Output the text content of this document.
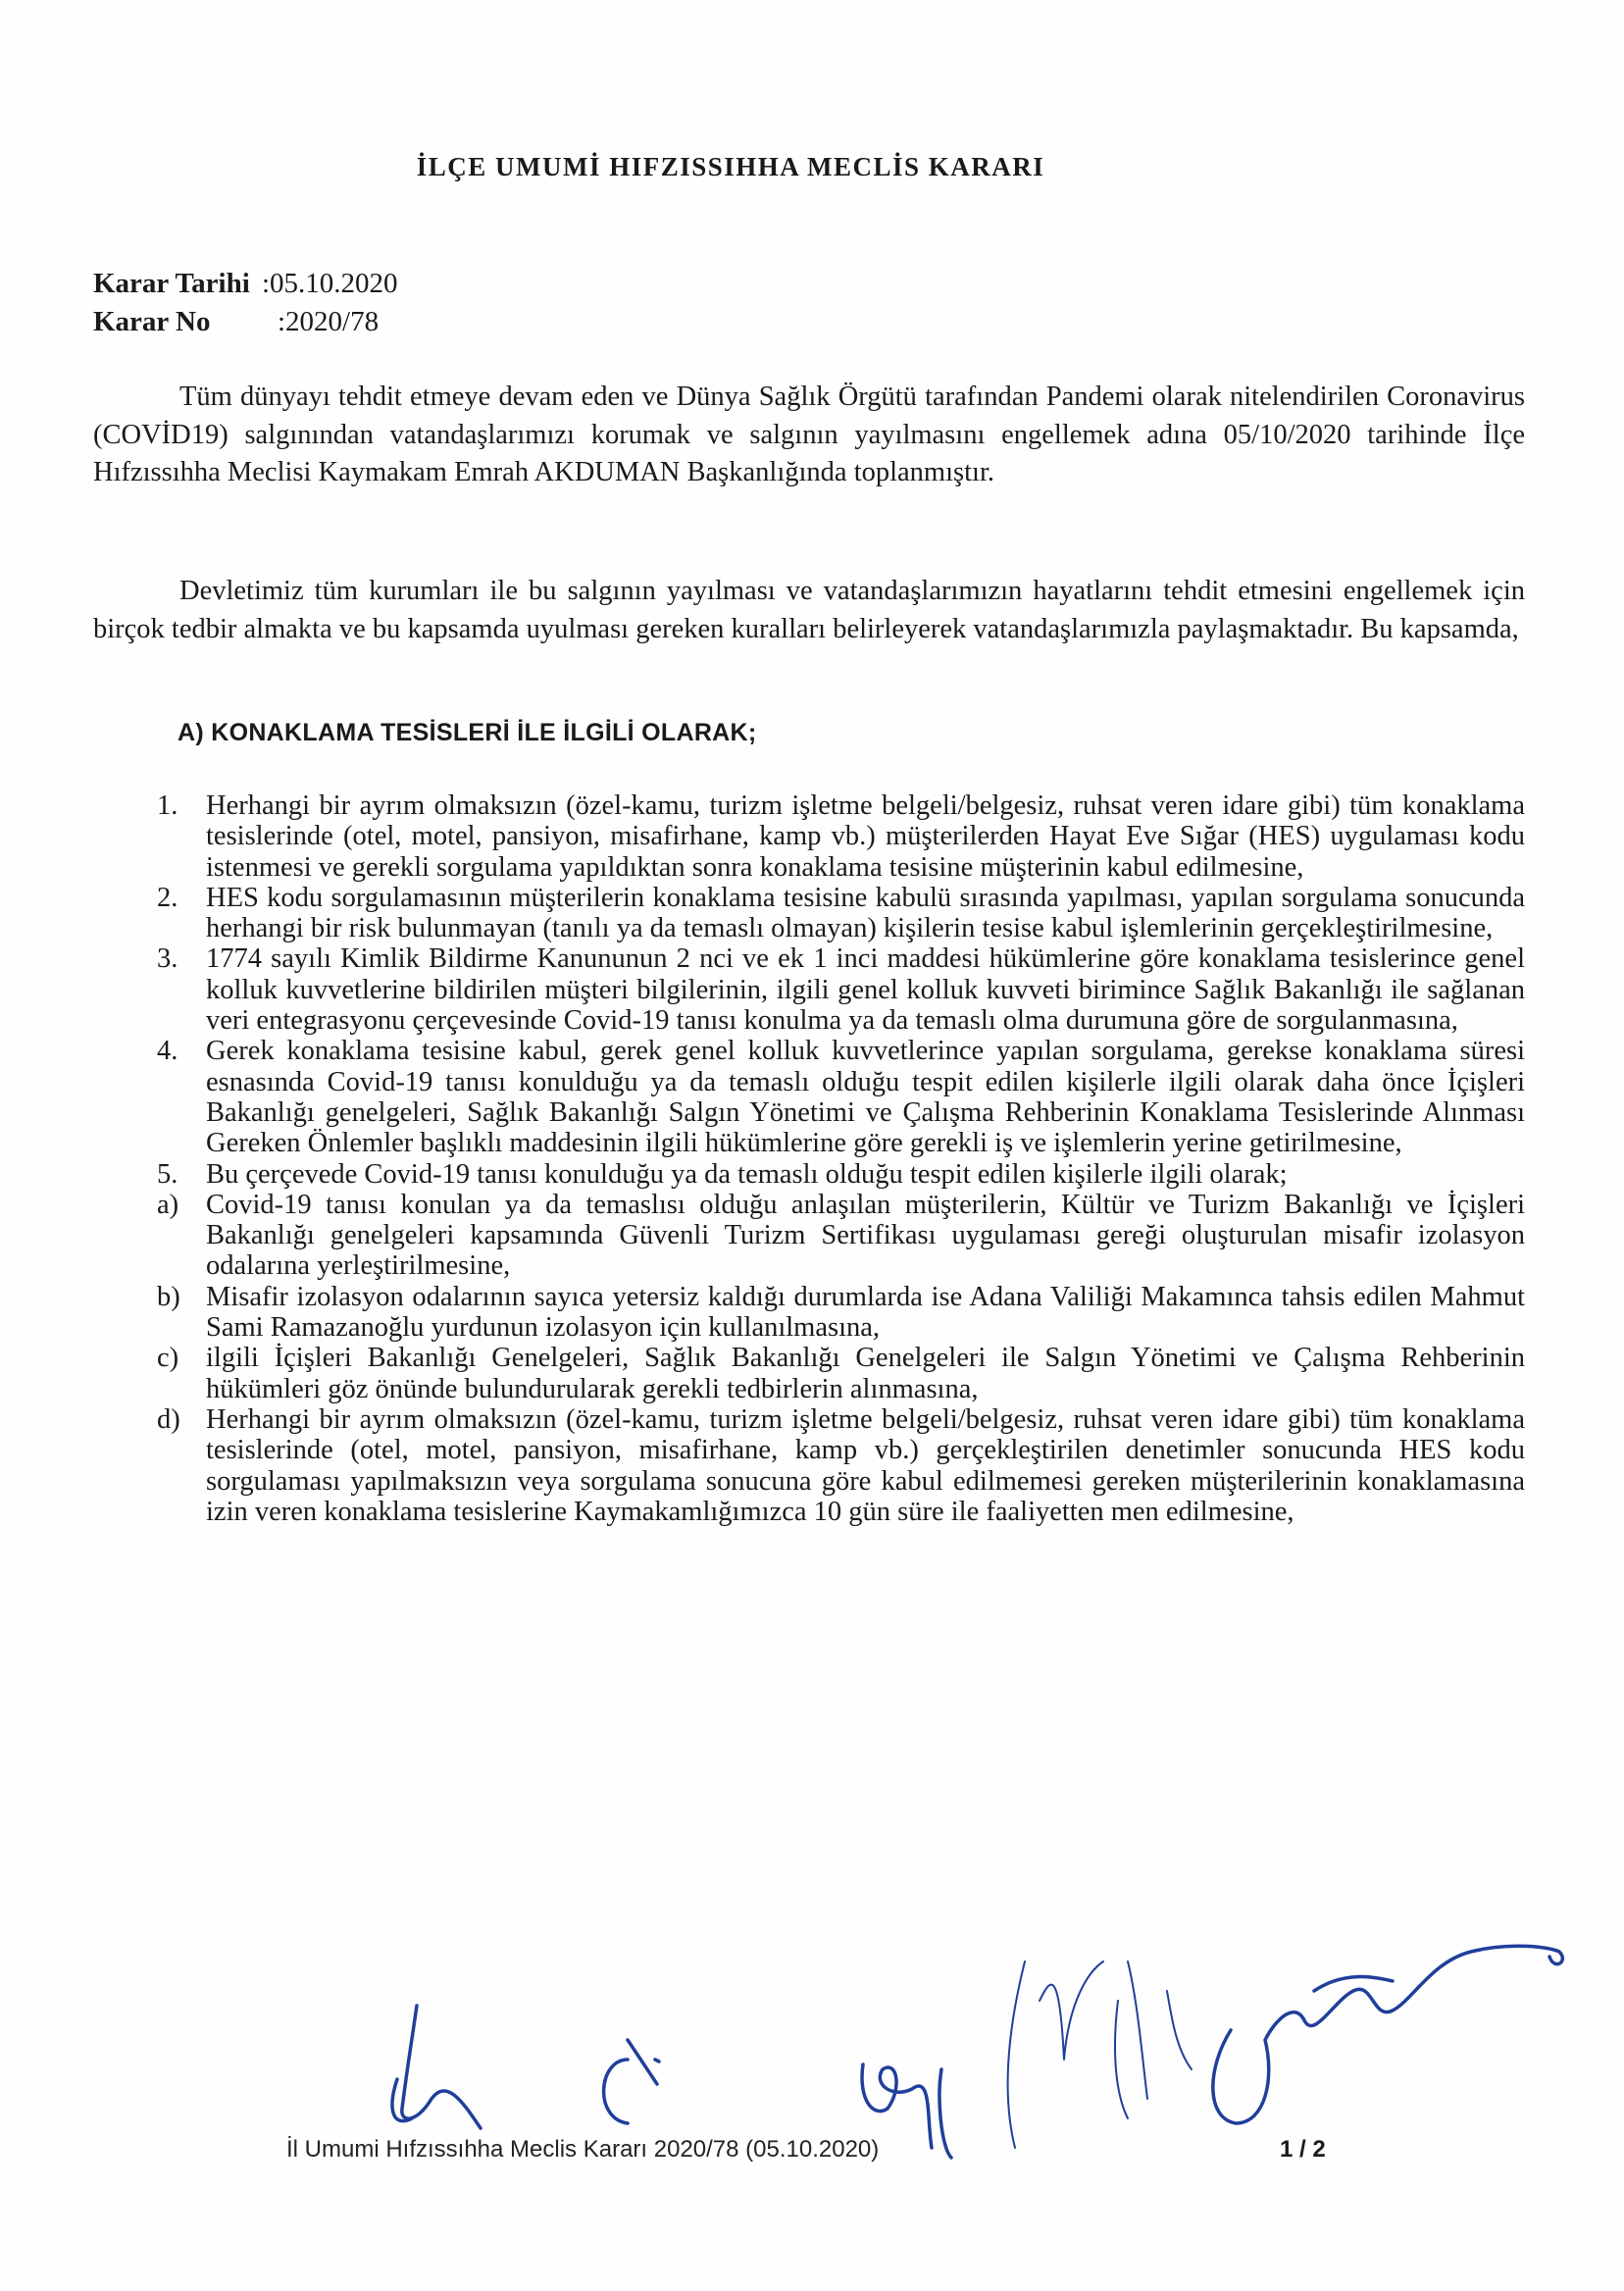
İLÇE UMUMİ HIFZISSIHHA MECLİS KARARI
Karar Tarihi :05.10.2020
Karar No :2020/78

Tüm dünyayı tehdit etmeye devam eden ve Dünya Sağlık Örgütü tarafından Pandemi olarak nitelendirilen Coronavirus (COVİD19) salgınından vatandaşlarımızı korumak ve salgının yayılmasını engellemek adına 05/10/2020 tarihinde İlçe Hıfzıssıhha Meclisi Kaymakam Emrah AKDUMAN Başkanlığında toplanmıştır.

Devletimiz tüm kurumları ile bu salgının yayılması ve vatandaşlarımızın hayatlarını tehdit etmesini engellemek için birçok tedbir almakta ve bu kapsamda uyulması gereken kuralları belirleyerek vatandaşlarımızla paylaşmaktadır. Bu kapsamda,

A) KONAKLAMA TESİSLERİ İLE İLGİLİ OLARAK;

1.	Herhangi bir ayrım olmaksızın (özel-kamu, turizm işletme belgeli/belgesiz, ruhsat veren idare gibi) tüm konaklama tesislerinde (otel, motel, pansiyon, misafirhane, kamp vb.) müşterilerden Hayat Eve Sığar (HES) uygulaması kodu istenmesi ve gerekli sorgulama yapıldıktan sonra konaklama tesisine müşterinin kabul edilmesine,

2.	HES kodu sorgulamasının müşterilerin konaklama tesisine kabulü sırasında yapılması, yapılan sorgulama sonucunda herhangi bir risk bulunmayan (tanılı ya da temaslı olmayan) kişilerin tesise kabul işlemlerinin gerçekleştirilmesine,

3.	1774 sayılı Kimlik Bildirme Kanununun 2 nci ve ek 1 inci maddesi hükümlerine göre konaklama tesislerince genel kolluk kuvvetlerine bildirilen müşteri bilgilerinin, ilgili genel kolluk kuvveti birimince Sağlık Bakanlığı ile sağlanan veri entegrasyonu çerçevesinde Covid-19 tanısı konulma ya da temaslı olma durumuna göre de sorgulanmasına,

4.	Gerek konaklama tesisine kabul, gerek genel kolluk kuvvetlerince yapılan sorgulama, gerekse konaklama süresi esnasında Covid-19 tanısı konulduğu ya da temaslı olduğu tespit edilen kişilerle ilgili olarak daha önce İçişleri Bakanlığı genelgeleri, Sağlık Bakanlığı Salgın Yönetimi ve Çalışma Rehberinin Konaklama Tesislerinde Alınması Gereken Önlemler başlıklı maddesinin ilgili hükümlerine göre gerekli iş ve işlemlerin yerine getirilmesine,

5.	Bu çerçevede Covid-19 tanısı konulduğu ya da temaslı olduğu tespit edilen kişilerle ilgili olarak;

a) Covid-19 tanısı konulan ya da temaslısı olduğu anlaşılan müşterilerin, Kültür ve Turizm Bakanlığı ve İçişleri Bakanlığı genelgeleri kapsamında Güvenli Turizm Sertifikası uygulaması gereği oluşturulan misafir izolasyon odalarına yerleştirilmesine,

b) Misafir izolasyon odalarının sayıca yetersiz kaldığı durumlarda ise Adana Valiliği Makamınca tahsis edilen Mahmut Sami Ramazanoğlu yurdunun izolasyon için kullanılmasına,

c) ilgili İçişleri Bakanlığı Genelgeleri, Sağlık Bakanlığı Genelgeleri ile Salgın Yönetimi ve Çalışma Rehberinin hükümleri göz önünde bulundurularak gerekli tedbirlerin alınmasına,

d) Herhangi bir ayrım olmaksızın (özel-kamu, turizm işletme belgeli/belgesiz, ruhsat veren idare gibi) tüm konaklama tesislerinde (otel, motel, pansiyon, misafirhane, kamp vb.) gerçekleştirilen denetimler sonucunda HES kodu sorgulaması yapılmaksızın veya sorgulama sonucuna göre kabul edilmemesi gereken müşterilerinin konaklamasına izin veren konaklama tesislerine Kaymakamlığımızca 10 gün süre ile faaliyetten men edilmesine,

İl Umumi Hıfzıssıhha Meclis Kararı 2020/78 (05.10.2020)	1 / 2
